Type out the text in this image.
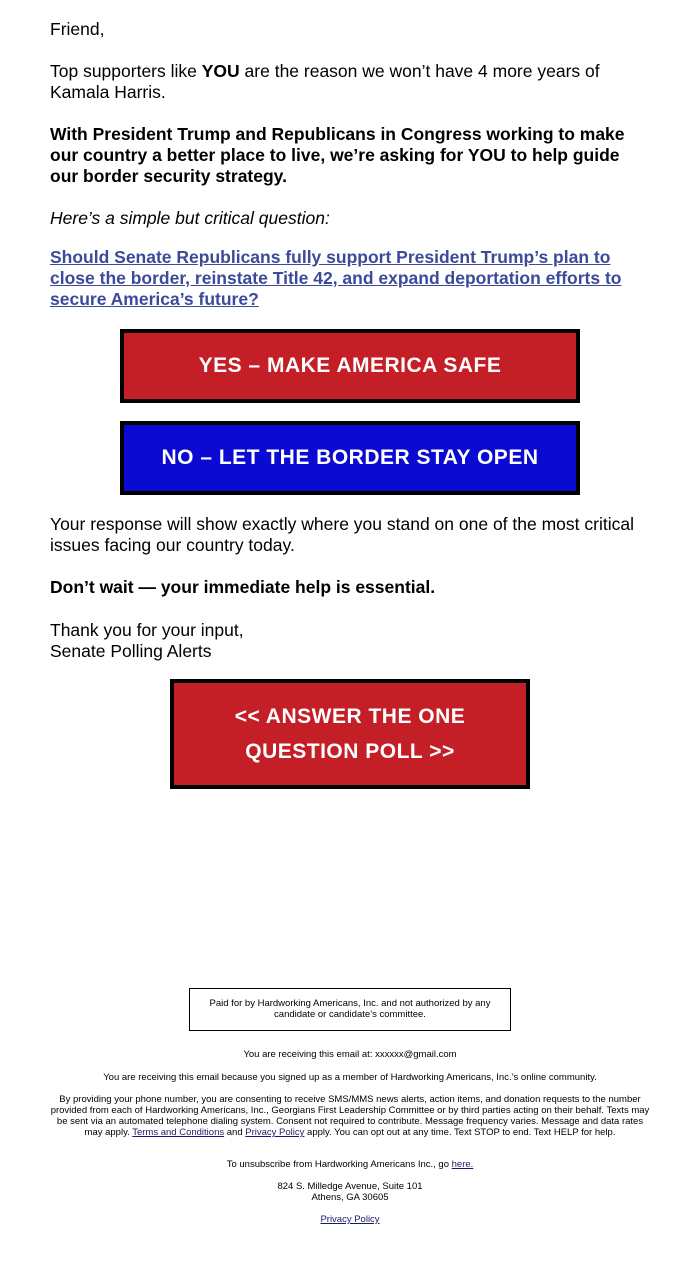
Friend,

Top supporters like YOU are the reason we won’t have 4 more years of Kamala Harris.

With President Trump and Republicans in Congress working to make our country a better place to live, we’re asking for YOU to help guide our border security strategy.

Here’s a simple but critical question:

Should Senate Republicans fully support President Trump’s plan to close the border, reinstate Title 42, and expand deportation efforts to secure America’s future?

YES – MAKE AMERICA SAFE
NO – LET THE BORDER STAY OPEN

Your response will show exactly where you stand on one of the most critical issues facing our country today.

Don’t wait — your immediate help is essential.

Thank you for your input,

Senate Polling Alerts

<< ANSWER THE ONE
QUESTION POLL >>
Paid for by Hardworking Americans, Inc. and not authorized by any candidate or candidate’s committee.
You are receiving this email at: xxxxxx@gmail.com
You are receiving this email because you signed up as a member of Hardworking Americans, Inc.’s online community.
By providing your phone number, you are consenting to receive SMS/MMS news alerts, action items, and donation requests to the number provided from each of Hardworking Americans, Inc., Georgians First Leadership Committee or by third parties acting on their behalf. Texts may be sent via an automated telephone dialing system. Consent not required to contribute. Message frequency varies. Message and data rates may apply. Terms and Conditions and Privacy Policy apply. You can opt out at any time. Text STOP to end. Text HELP for help.
To unsubscribe from Hardworking Americans Inc., go here.
824 S. Milledge Avenue, Suite 101
Athens, GA 30605
Privacy Policy
